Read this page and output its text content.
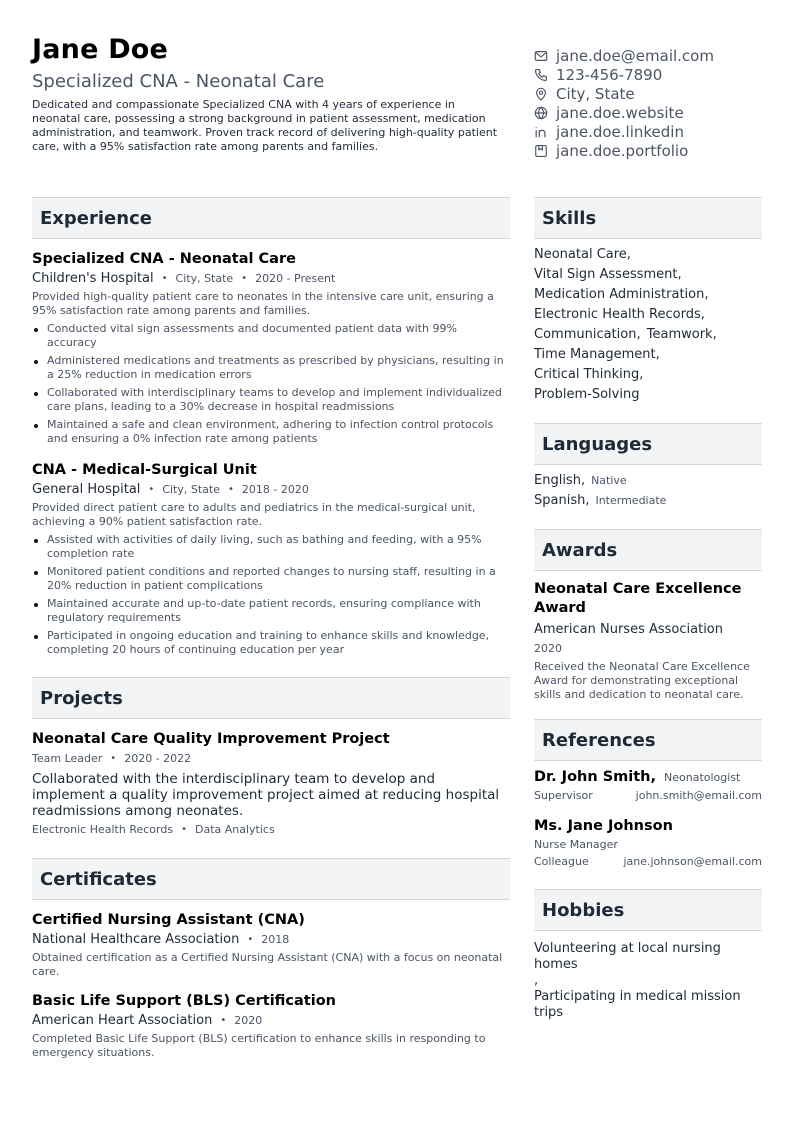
Jane Doe
Specialized CNA - Neonatal Care
Dedicated and compassionate Specialized CNA with 4 years of experience in neonatal care, possessing a strong background in patient assessment, medication administration, and teamwork. Proven track record of delivering high-quality patient care, with a 95% satisfaction rate among parents and families.
jane.doe@email.com
123-456-7890
City, State
jane.doe.website
jane.doe.linkedin
jane.doe.portfolio
Experience
Specialized CNA - Neonatal Care
Children's Hospital • City, State • 2020 - Present
Provided high-quality patient care to neonates in the intensive care unit, ensuring a 95% satisfaction rate among parents and families.
Conducted vital sign assessments and documented patient data with 99% accuracy
Administered medications and treatments as prescribed by physicians, resulting in a 25% reduction in medication errors
Collaborated with interdisciplinary teams to develop and implement individualized care plans, leading to a 30% decrease in hospital readmissions
Maintained a safe and clean environment, adhering to infection control protocols and ensuring a 0% infection rate among patients
CNA - Medical-Surgical Unit
General Hospital • City, State • 2018 - 2020
Provided direct patient care to adults and pediatrics in the medical-surgical unit, achieving a 90% patient satisfaction rate.
Assisted with activities of daily living, such as bathing and feeding, with a 95% completion rate
Monitored patient conditions and reported changes to nursing staff, resulting in a 20% reduction in patient complications
Maintained accurate and up-to-date patient records, ensuring compliance with regulatory requirements
Participated in ongoing education and training to enhance skills and knowledge, completing 20 hours of continuing education per year
Projects
Neonatal Care Quality Improvement Project
Team Leader • 2020 - 2022
Collaborated with the interdisciplinary team to develop and implement a quality improvement project aimed at reducing hospital readmissions among neonates.
Electronic Health Records • Data Analytics
Certificates
Certified Nursing Assistant (CNA)
National Healthcare Association • 2018
Obtained certification as a Certified Nursing Assistant (CNA) with a focus on neonatal care.
Basic Life Support (BLS) Certification
American Heart Association • 2020
Completed Basic Life Support (BLS) certification to enhance skills in responding to emergency situations.
Skills
Neonatal Care,
Vital Sign Assessment,
Medication Administration,
Electronic Health Records,
Communication, Teamwork,
Time Management,
Critical Thinking,
Problem-Solving
Languages
English, Native
Spanish, Intermediate
Awards
Neonatal Care Excellence Award
American Nurses Association
2020
Received the Neonatal Care Excellence Award for demonstrating exceptional skills and dedication to neonatal care.
References
Dr. John Smith, Neonatologist
Supervisor	john.smith@email.com
Ms. Jane Johnson
Nurse Manager
Colleague	jane.johnson@email.com
Hobbies
Volunteering at local nursing homes
,
Participating in medical mission trips
